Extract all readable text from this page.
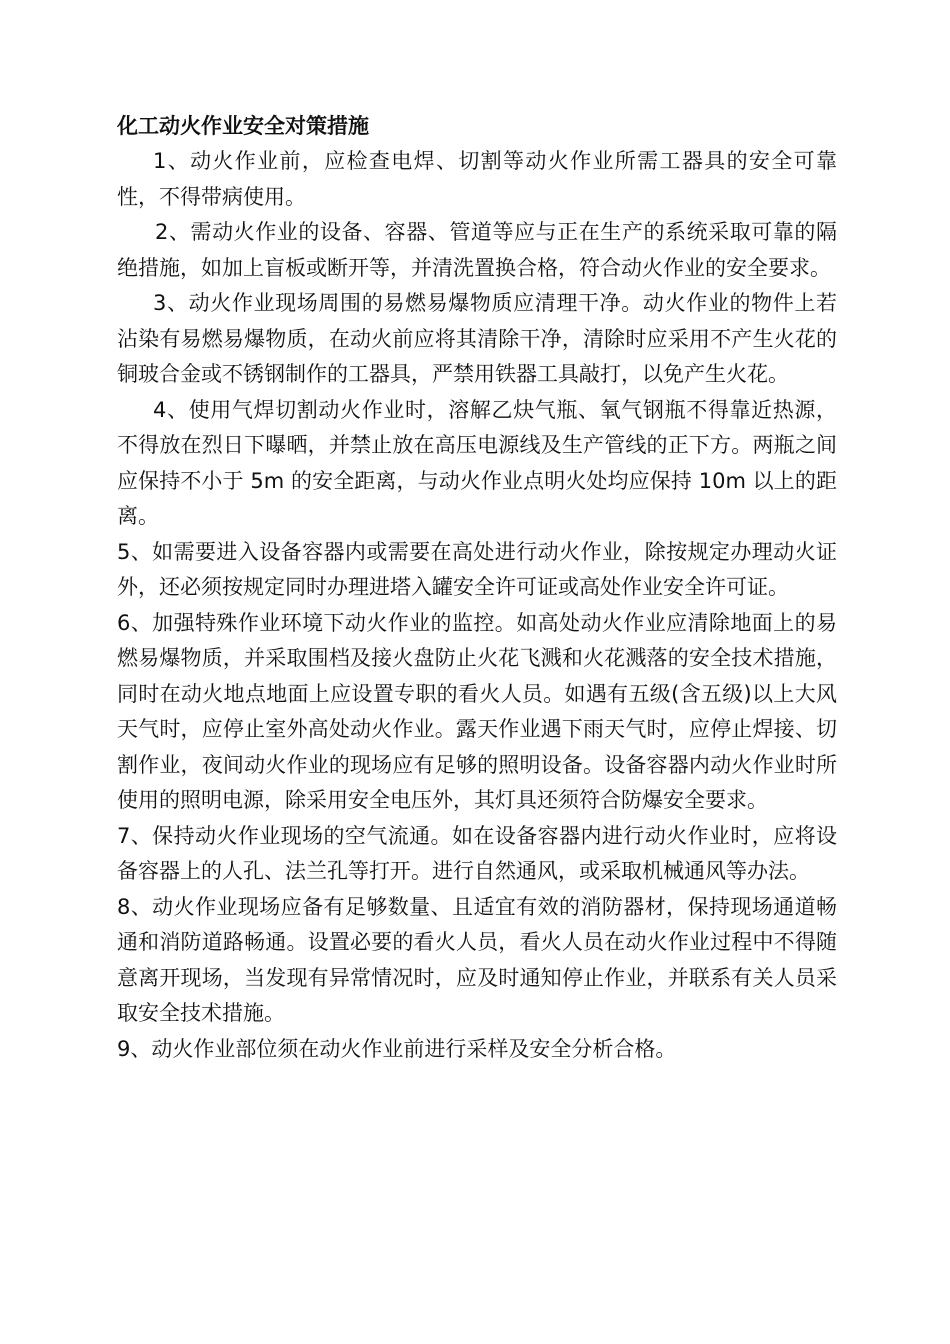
化工动火作业安全对策措施

1、动火作业前，应检查电焊、切割等动火作业所需工器具的安全可靠性，不得带病使用。

2、需动火作业的设备、容器、管道等应与正在生产的系统采取可靠的隔绝措施，如加上盲板或断开等，并清洗置换合格，符合动火作业的安全要求。

3、动火作业现场周围的易燃易爆物质应清理干净。动火作业的物件上若沾染有易燃易爆物质，在动火前应将其清除干净，清除时应采用不产生火花的铜玻合金或不锈钢制作的工器具，严禁用铁器工具敲打，以免产生火花。

4、使用气焊切割动火作业时，溶解乙炔气瓶、氧气钢瓶不得靠近热源，不得放在烈日下曝晒，并禁止放在高压电源线及生产管线的正下方。两瓶之间应保持不小于 5m 的安全距离，与动火作业点明火处均应保持 10m 以上的距离。

5、如需要进入设备容器内或需要在高处进行动火作业，除按规定办理动火证外，还必须按规定同时办理进塔入罐安全许可证或高处作业安全许可证。

6、加强特殊作业环境下动火作业的监控。如高处动火作业应清除地面上的易燃易爆物质，并采取围档及接火盘防止火花飞溅和火花溅落的安全技术措施，同时在动火地点地面上应设置专职的看火人员。如遇有五级(含五级)以上大风天气时，应停止室外高处动火作业。露天作业遇下雨天气时，应停止焊接、切割作业，夜间动火作业的现场应有足够的照明设备。设备容器内动火作业时所使用的照明电源，除采用安全电压外，其灯具还须符合防爆安全要求。

7、保持动火作业现场的空气流通。如在设备容器内进行动火作业时，应将设备容器上的人孔、法兰孔等打开。进行自然通风，或采取机械通风等办法。

8、动火作业现场应备有足够数量、且适宜有效的消防器材，保持现场通道畅通和消防道路畅通。设置必要的看火人员，看火人员在动火作业过程中不得随意离开现场，当发现有异常情况时，应及时通知停止作业，并联系有关人员采取安全技术措施。

9、动火作业部位须在动火作业前进行采样及安全分析合格。
